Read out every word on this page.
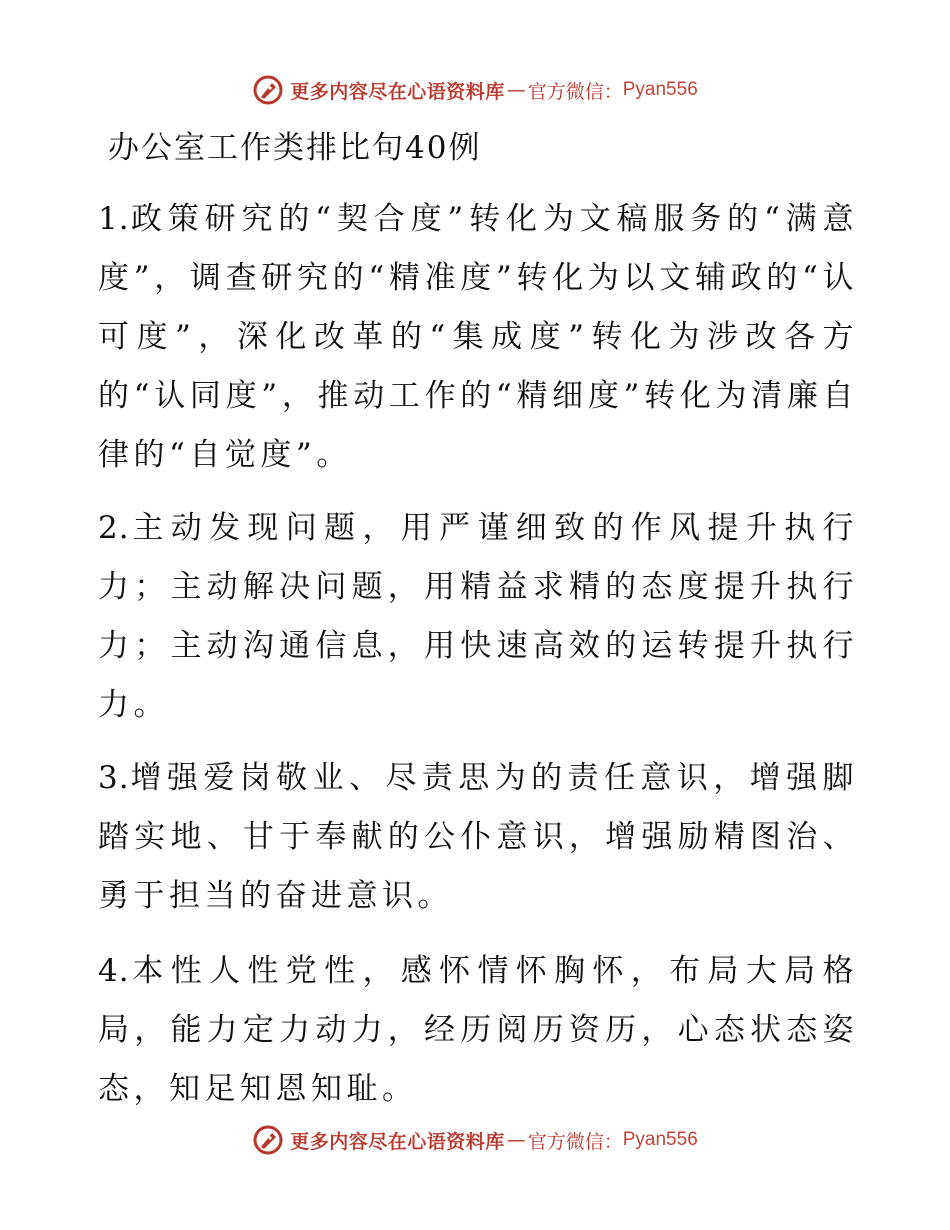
更多内容尽在心语资料库 — 官方微信： Pyan556
办公室工作类排比句40例

1.政策研究的“契合度”转化为文稿服务的“满意度”，调查研究的“精准度”转化为以文辅政的“认可度”，深化改革的“集成度”转化为涉改各方的“认同度”，推动工作的“精细度”转化为清廉自律的“自觉度”。

2.主动发现问题，用严谨细致的作风提升执行力；主动解决问题，用精益求精的态度提升执行力；主动沟通信息，用快速高效的运转提升执行力。

3.增强爱岗敬业、尽责思为的责任意识，增强脚踏实地、甘于奉献的公仆意识，增强励精图治、勇于担当的奋进意识。

4.本性人性党性，感怀情怀胸怀，布局大局格局，能力定力动力，经历阅历资历，心态状态姿态，知足知恩知耻。

更多内容尽在心语资料库 — 官方微信： Pyan556
